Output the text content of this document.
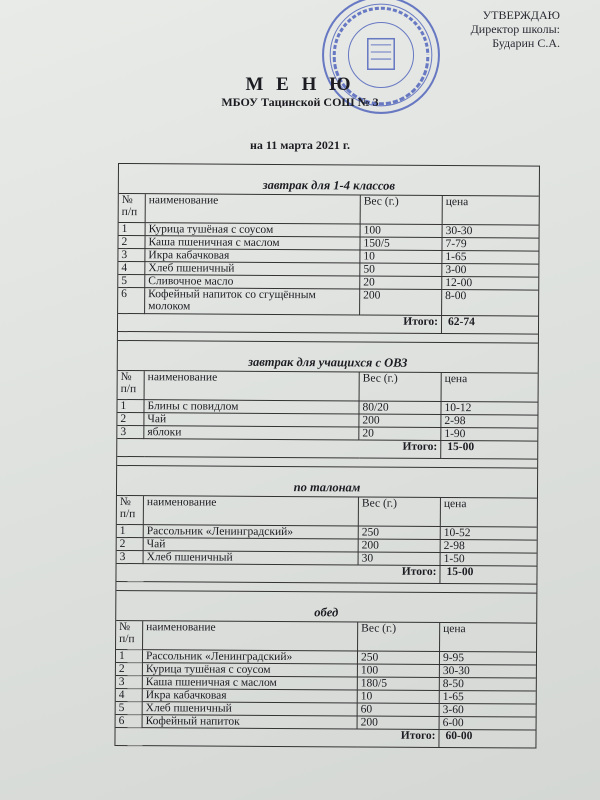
УТВЕРЖДАЮ
Директор школы:
Бударин С.А.
М Е Н Ю
МБОУ Тацинской СОШ № 3
на 11 марта 2021 г.
завтрак для 1-4 классов
№ п/п	наименование	Вес (г.)	цена
1	Курица тушёная с соусом	100	30-30
2	Каша пшеничная с маслом	150/5	7-79
3	Икра кабачковая	10	1-65
4	Хлеб пшеничный	50	3-00
5	Сливочное масло	20	12-00
6	Кофейный напиток со сгущённым молоком	200	8-00
Итого:			62-74
завтрак для учащихся с ОВЗ
№ п/п	наименование	Вес (г.)	цена
1	Блины с повидлом	80/20	10-12
2	Чай	200	2-98
3	яблоки	20	1-90
Итого:			15-00
по талонам
№ п/п	наименование	Вес (г.)	цена
1	Рассольник «Ленинградский»	250	10-52
2	Чай	200	2-98
3	Хлеб пшеничный	30	1-50
Итого:			15-00
обед
№ п/п	наименование	Вес (г.)	цена
1	Рассольник «Ленинградский»	250	9-95
2	Курица тушёная с соусом	100	30-30
3	Каша пшеничная с маслом	180/5	8-50
4	Икра кабачковая	10	1-65
5	Хлеб пшеничный	60	3-60
6	Кофейный напиток	200	6-00
Итого:			60-00
